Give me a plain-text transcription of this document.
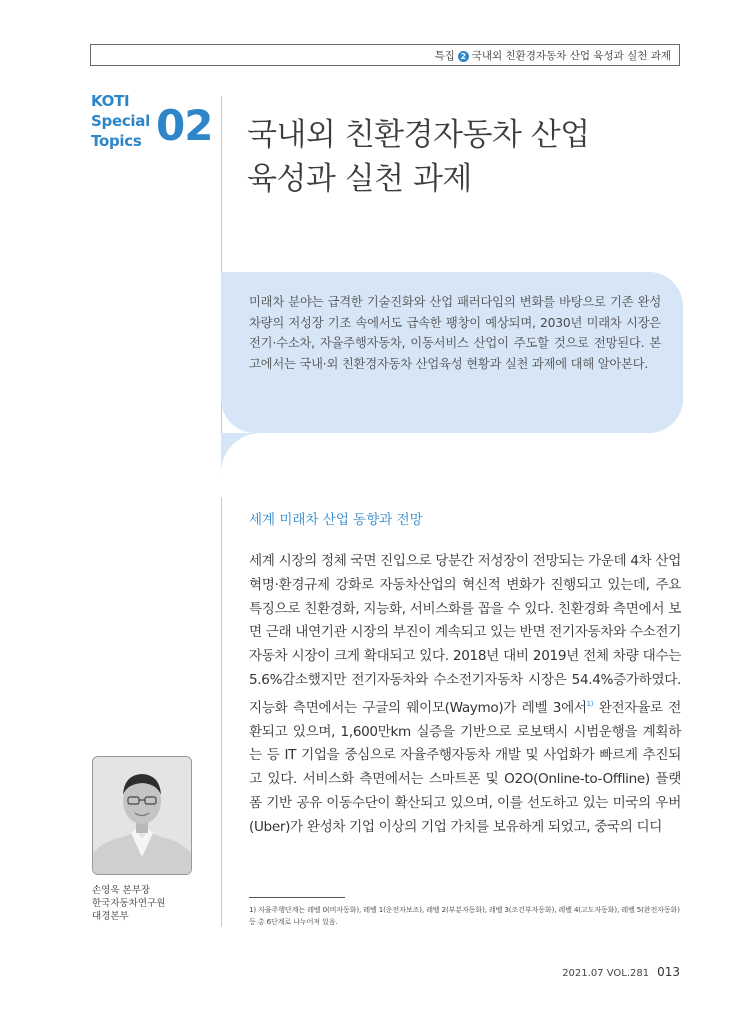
특집 2 국내외 친환경자동차 산업 육성과 실천 과제
KOTI
Special
Topics 02 국내외 친환경자동차 산업
육성과 실천 과제
미래차 분야는 급격한 기술진화와 산업 패러다임의 변화를 바탕으로 기존 완성차량의 저성장 기조 속에서도 급속한 팽창이 예상되며, 2030년 미래차 시장은 전기·수소차, 자율주행자동차, 이동서비스 산업이 주도할 것으로 전망된다. 본고에서는 국내·외 친환경자동차 산업육성 현황과 실천 과제에 대해 알아본다.
세계 미래차 산업 동향과 전망
세계 시장의 정체 국면 진입으로 당분간 저성장이 전망되는 가운데 4차 산업혁명·환경규제 강화로 자동차산업의 혁신적 변화가 진행되고 있는데, 주요 특징으로 친환경화, 지능화, 서비스화를 꼽을 수 있다. 친환경화 측면에서 보면 근래 내연기관 시장의 부진이 계속되고 있는 반면 전기자동차와 수소전기자동차 시장이 크게 확대되고 있다. 2018년 대비 2019년 전체 차량 대수는 5.6%감소했지만 전기자동차와 수소전기자동차 시장은 54.4%증가하였다. 지능화 측면에서는 구글의 웨이모(Waymo)가 레벨 3에서$^{1)}$ 완전자율로 전환되고 있으며, 1,600만km 실증을 기반으로 로보택시 시범운행을 계획하는 등 IT 기업을 중심으로 자율주행자동차 개발 및 사업화가 빠르게 추진되고 있다. 서비스화 측면에서는 스마트폰 및 O2O(Online-to-Offline) 플랫폼 기반 공유 이동수단이 확산되고 있으며, 이를 선도하고 있는 미국의 우버(Uber)가 완성차 기업 이상의 기업 가치를 보유하게 되었고, 중국의 디디
손영욱 본부장
한국자동차연구원
대경본부
1) 자율주행단계는 레벨 0(비자동화), 레벨 1(운전자보조), 레벨 2(부분자동화), 레벨 3(조건부자동화), 레벨 4(고도자동화), 레벨 5(완전자동화) 등 총 6단계로 나누어져 있음.
2021.07 VOL.281 013
